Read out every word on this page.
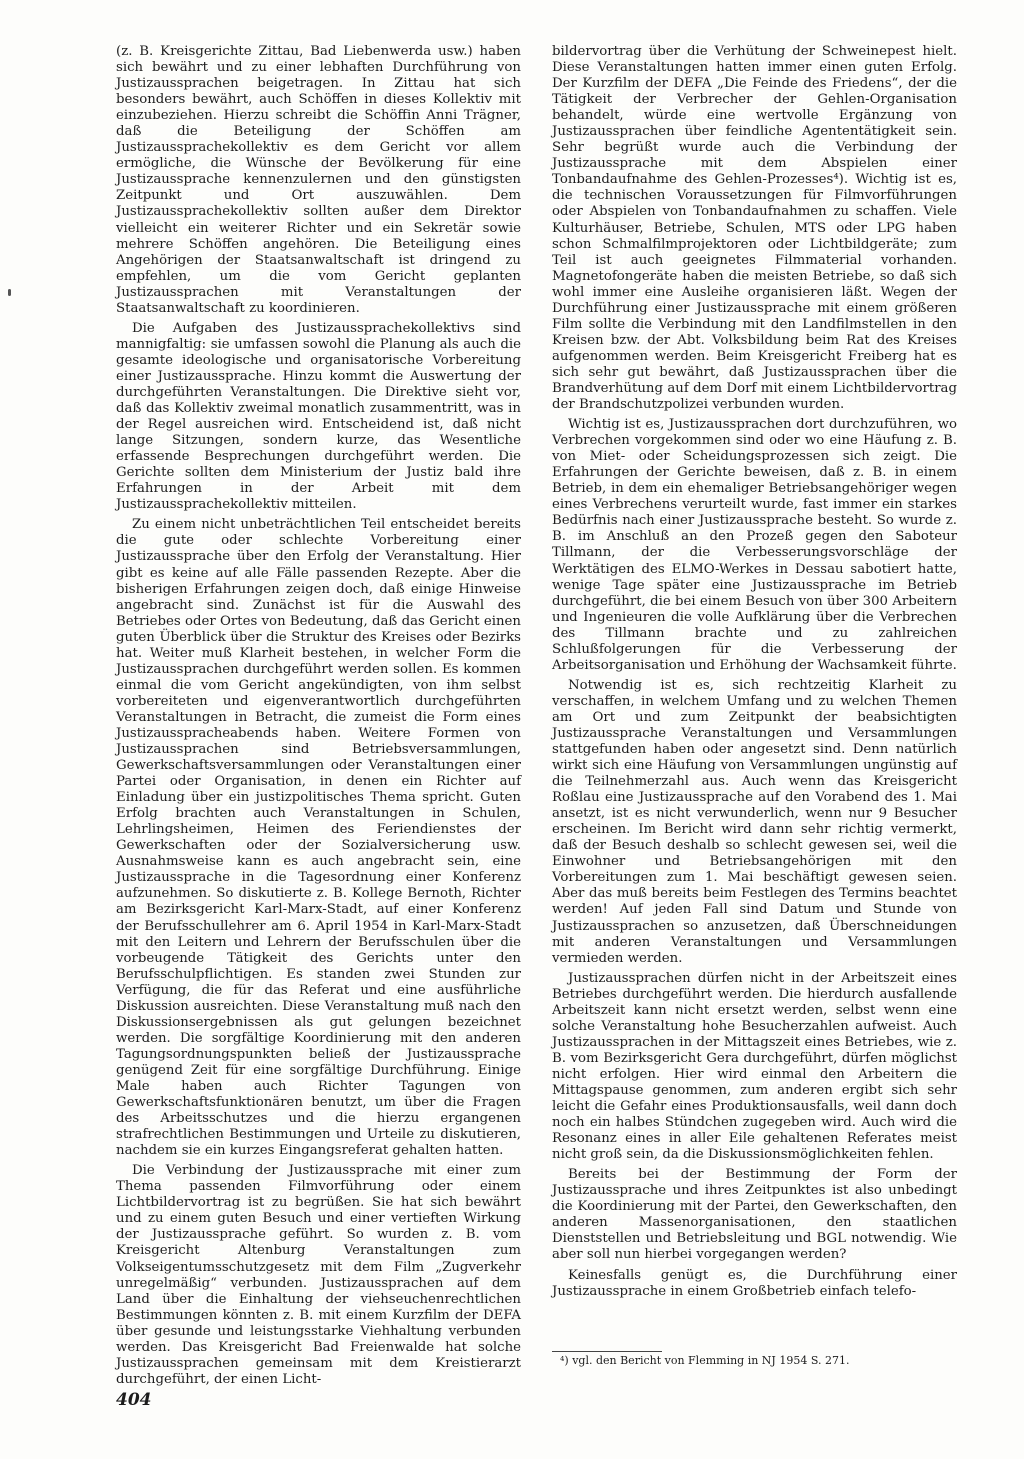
(z. B. Kreisgerichte Zittau, Bad Liebenwerda usw.) haben sich bewährt und zu einer lebhaften Durchführung von Justizaussprachen beigetragen. In Zittau hat sich besonders bewährt, auch Schöffen in dieses Kollektiv mit einzubeziehen. Hierzu schreibt die Schöffin Anni Trägner, daß die Beteiligung der Schöffen am Justizaussprachekollektiv es dem Gericht vor allem ermögliche, die Wünsche der Bevölkerung für eine Justizaussprache kennenzulernen und den günstigsten Zeitpunkt und Ort auszuwählen. Dem Justizaussprachekollektiv sollten außer dem Direktor vielleicht ein weiterer Richter und ein Sekretär sowie mehrere Schöffen angehören. Die Beteiligung eines Angehörigen der Staatsanwaltschaft ist dringend zu empfehlen, um die vom Gericht geplanten Justizaussprachen mit Veranstaltungen der Staatsanwaltschaft zu koordinieren.

Die Aufgaben des Justizaussprachekollektivs sind mannigfaltig: sie umfassen sowohl die Planung als auch die gesamte ideologische und organisatorische Vorbereitung einer Justizaussprache. Hinzu kommt die Auswertung der durchgeführten Veranstaltungen. Die Direktive sieht vor, daß das Kollektiv zweimal monatlich zusammentritt, was in der Regel ausreichen wird. Entscheidend ist, daß nicht lange Sitzungen, sondern kurze, das Wesentliche erfassende Besprechungen durchgeführt werden. Die Gerichte sollten dem Ministerium der Justiz bald ihre Erfahrungen in der Arbeit mit dem Justizaussprachekollektiv mitteilen.

Zu einem nicht unbeträchtlichen Teil entscheidet bereits die gute oder schlechte Vorbereitung einer Justizaussprache über den Erfolg der Veranstaltung. Hier gibt es keine auf alle Fälle passenden Rezepte. Aber die bisherigen Erfahrungen zeigen doch, daß einige Hinweise angebracht sind. Zunächst ist für die Auswahl des Betriebes oder Ortes von Bedeutung, daß das Gericht einen guten Überblick über die Struktur des Kreises oder Bezirks hat. Weiter muß Klarheit bestehen, in welcher Form die Justizaussprachen durchgeführt werden sollen. Es kommen einmal die vom Gericht angekündigten, von ihm selbst vorbereiteten und eigenverantwortlich durchgeführten Veranstaltungen in Betracht, die zumeist die Form eines Justizausspracheabends haben. Weitere Formen von Justizaussprachen sind Betriebsversammlungen, Gewerkschaftsversammlungen oder Veranstaltungen einer Partei oder Organisation, in denen ein Richter auf Einladung über ein justizpolitisches Thema spricht. Guten Erfolg brachten auch Veranstaltungen in Schulen, Lehrlingsheimen, Heimen des Feriendienstes der Gewerkschaften oder der Sozialversicherung usw. Ausnahmsweise kann es auch angebracht sein, eine Justizaussprache in die Tagesordnung einer Konferenz aufzunehmen. So diskutierte z. B. Kollege Bernoth, Richter am Bezirksgericht Karl-Marx-Stadt, auf einer Konferenz der Berufsschullehrer am 6. April 1954 in Karl-Marx-Stadt mit den Leitern und Lehrern der Berufsschulen über die vorbeugende Tätigkeit des Gerichts unter den Berufsschulpflichtigen. Es standen zwei Stunden zur Verfügung, die für das Referat und eine ausführliche Diskussion ausreichten. Diese Veranstaltung muß nach den Diskussionsergebnissen als gut gelungen bezeichnet werden. Die sorgfältige Koordinierung mit den anderen Tagungsordnungspunkten beließ der Justizaussprache genügend Zeit für eine sorgfältige Durchführung. Einige Male haben auch Richter Tagungen von Gewerkschaftsfunktionären benutzt, um über die Fragen des Arbeitsschutzes und die hierzu ergangenen strafrechtlichen Bestimmungen und Urteile zu diskutieren, nachdem sie ein kurzes Eingangsreferat gehalten hatten.

Die Verbindung der Justizaussprache mit einer zum Thema passenden Filmvorführung oder einem Lichtbildervortrag ist zu begrüßen. Sie hat sich bewährt und zu einem guten Besuch und einer vertieften Wirkung der Justizaussprache geführt. So wurden z. B. vom Kreisgericht Altenburg Veranstaltungen zum Volkseigentumsschutzgesetz mit dem Film „Zugverkehr unregelmäßig“ verbunden. Justizaussprachen auf dem Land über die Einhaltung der viehseuchenrechtlichen Bestimmungen könnten z. B. mit einem Kurzfilm der DEFA über gesunde und leistungsstarke Viehhaltung verbunden werden. Das Kreisgericht Bad Freienwalde hat solche Justizaussprachen gemeinsam mit dem Kreistierarzt durchgeführt, der einen Licht-

bildervortrag über die Verhütung der Schweinepest hielt. Diese Veranstaltungen hatten immer einen guten Erfolg. Der Kurzfilm der DEFA „Die Feinde des Friedens“, der die Tätigkeit der Verbrecher der Gehlen-Organisation behandelt, würde eine wertvolle Ergänzung von Justizaussprachen über feindliche Agententätigkeit sein. Sehr begrüßt wurde auch die Verbindung der Justizaussprache mit dem Abspielen einer Tonbandaufnahme des Gehlen-Prozesses⁴). Wichtig ist es, die technischen Voraussetzungen für Filmvorführungen oder Abspielen von Tonbandaufnahmen zu schaffen. Viele Kulturhäuser, Betriebe, Schulen, MTS oder LPG haben schon Schmalfilmprojektoren oder Lichtbildgeräte; zum Teil ist auch geeignetes Filmmaterial vorhanden. Magnetofongeräte haben die meisten Betriebe, so daß sich wohl immer eine Ausleihe organisieren läßt. Wegen der Durchführung einer Justizaussprache mit einem größeren Film sollte die Verbindung mit den Landfilmstellen in den Kreisen bzw. der Abt. Volksbildung beim Rat des Kreises aufgenommen werden. Beim Kreisgericht Freiberg hat es sich sehr gut bewährt, daß Justizaussprachen über die Brandverhütung auf dem Dorf mit einem Lichtbildervortrag der Brandschutzpolizei verbunden wurden.

Wichtig ist es, Justizaussprachen dort durchzuführen, wo Verbrechen vorgekommen sind oder wo eine Häufung z. B. von Miet- oder Scheidungsprozessen sich zeigt. Die Erfahrungen der Gerichte beweisen, daß z. B. in einem Betrieb, in dem ein ehemaliger Betriebsangehöriger wegen eines Verbrechens verurteilt wurde, fast immer ein starkes Bedürfnis nach einer Justizaussprache besteht. So wurde z. B. im Anschluß an den Prozeß gegen den Saboteur Tillmann, der die Verbesserungsvorschläge der Werktätigen des ELMO-Werkes in Dessau sabotiert hatte, wenige Tage später eine Justizaussprache im Betrieb durchgeführt, die bei einem Besuch von über 300 Arbeitern und Ingenieuren die volle Aufklärung über die Verbrechen des Tillmann brachte und zu zahlreichen Schlußfolgerungen für die Verbesserung der Arbeitsorganisation und Erhöhung der Wachsamkeit führte.

Notwendig ist es, sich rechtzeitig Klarheit zu verschaffen, in welchem Umfang und zu welchen Themen am Ort und zum Zeitpunkt der beabsichtigten Justizaussprache Veranstaltungen und Versammlungen stattgefunden haben oder angesetzt sind. Denn natürlich wirkt sich eine Häufung von Versammlungen ungünstig auf die Teilnehmerzahl aus. Auch wenn das Kreisgericht Roßlau eine Justizaussprache auf den Vorabend des 1. Mai ansetzt, ist es nicht verwunderlich, wenn nur 9 Besucher erscheinen. Im Bericht wird dann sehr richtig vermerkt, daß der Besuch deshalb so schlecht gewesen sei, weil die Einwohner und Betriebsangehörigen mit den Vorbereitungen zum 1. Mai beschäftigt gewesen seien. Aber das muß bereits beim Festlegen des Termins beachtet werden! Auf jeden Fall sind Datum und Stunde von Justizaussprachen so anzusetzen, daß Überschneidungen mit anderen Veranstaltungen und Versammlungen vermieden werden.

Justizaussprachen dürfen nicht in der Arbeitszeit eines Betriebes durchgeführt werden. Die hierdurch ausfallende Arbeitszeit kann nicht ersetzt werden, selbst wenn eine solche Veranstaltung hohe Besucherzahlen aufweist. Auch Justizaussprachen in der Mittagszeit eines Betriebes, wie z. B. vom Bezirksgericht Gera durchgeführt, dürfen möglichst nicht erfolgen. Hier wird einmal den Arbeitern die Mittagspause genommen, zum anderen ergibt sich sehr leicht die Gefahr eines Produktionsausfalls, weil dann doch noch ein halbes Stündchen zugegeben wird. Auch wird die Resonanz eines in aller Eile gehaltenen Referates meist nicht groß sein, da die Diskussionsmöglichkeiten fehlen.

Bereits bei der Bestimmung der Form der Justizaussprache und ihres Zeitpunktes ist also unbedingt die Koordinierung mit der Partei, den Gewerkschaften, den anderen Massenorganisationen, den staatlichen Dienststellen und Betriebsleitung und BGL notwendig. Wie aber soll nun hierbei vorgegangen werden?

Keinesfalls genügt es, die Durchführung einer Justizaussprache in einem Großbetrieb einfach telefo-

⁴) vgl. den Bericht von Flemming in NJ 1954 S. 271.
404
